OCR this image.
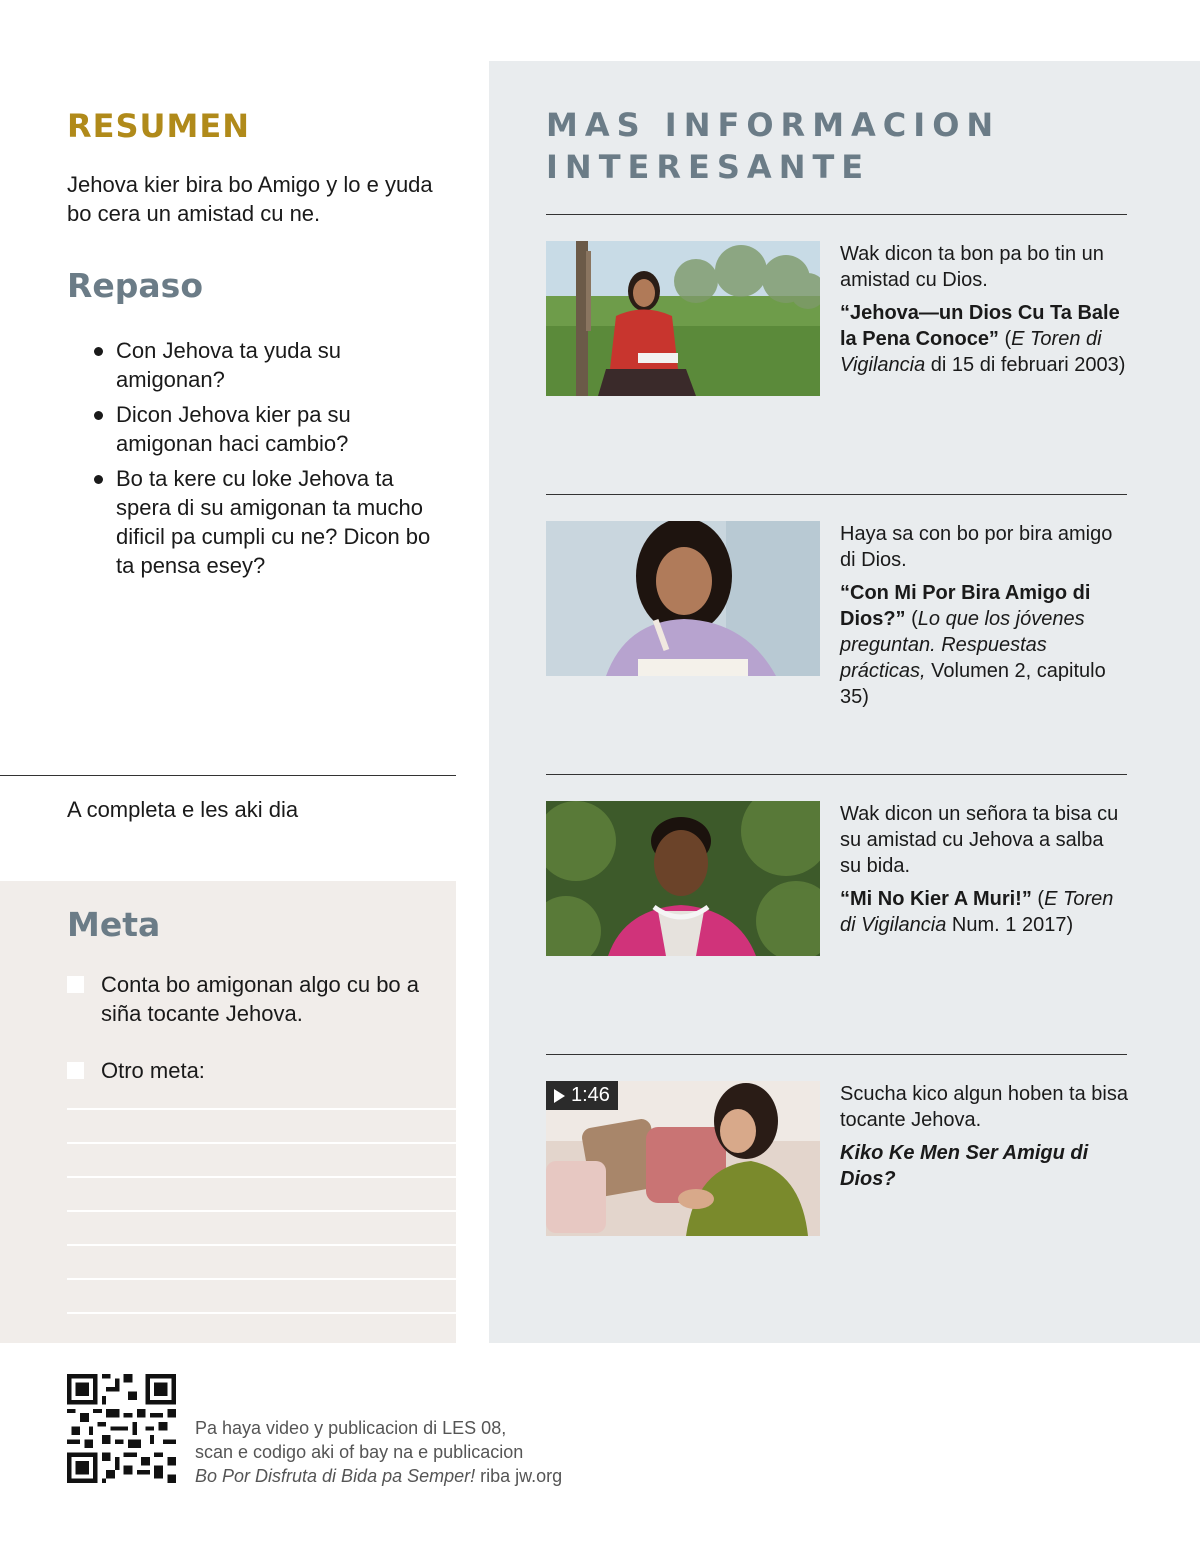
RESUMEN
Jehova kier bira bo Amigo y lo e yuda bo cera un amistad cu ne.
Repaso
Con Jehova ta yuda su amigonan?
Dicon Jehova kier pa su amigonan haci cambio?
Bo ta kere cu loke Jehova ta spera di su amigonan ta mucho dificil pa cumpli cu ne? Dicon bo ta pensa esey?
A completa e les aki dia
Meta
Conta bo amigonan algo cu bo a siña tocante Jehova.
Otro meta:
MAS INFORMACION
INTERESANTE
Wak dicon ta bon pa bo tin un amistad cu Dios.
“Jehova—un Dios Cu Ta Bale la Pena Conoce” (E Toren di Vigilancia di 15 di februari 2003)
Haya sa con bo por bira amigo di Dios.
“Con Mi Por Bira Amigo di Dios?” (Lo que los jóvenes preguntan. Respuestas prácticas, Volumen 2, capitulo 35)
Wak dicon un señora ta bisa cu su amistad cu Jehova a salba su bida.
“Mi No Kier A Muri!” (E Toren di Vigilancia Num. 1 2017)
1:46	Scucha kico algun hoben ta bisa tocante Jehova.
Kiko Ke Men Ser Amigu di Dios?
Pa haya video y publicacion di LES 08,
scan e codigo aki of bay na e publicacion
Bo Por Disfruta di Bida pa Semper! riba jw.org
